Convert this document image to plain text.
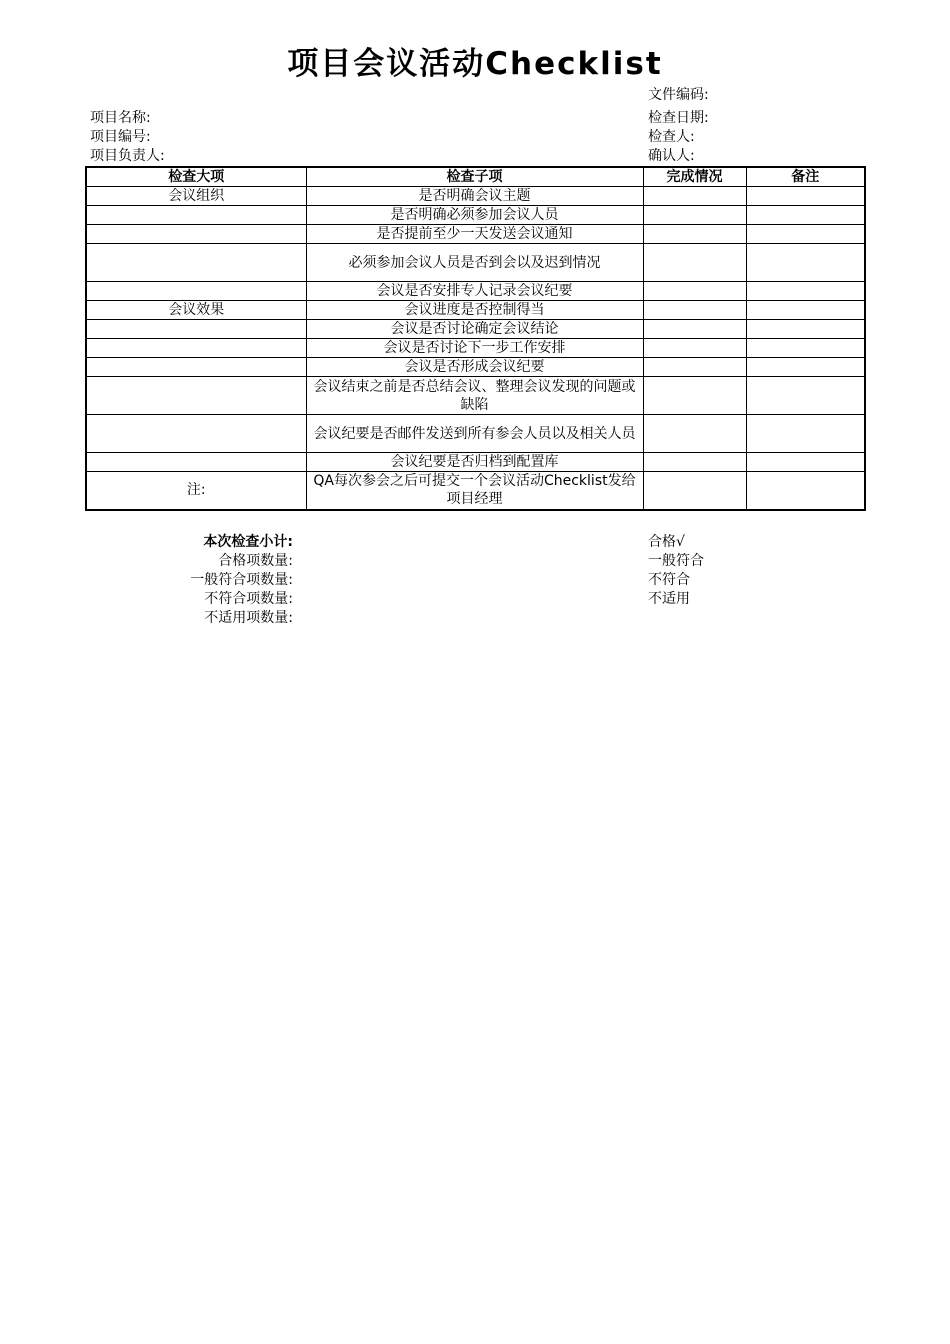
项目会议活动Checklist
文件编码:
项目名称:	检查日期:
项目编号:	检查人:
项目负责人:	确认人:
检查大项	检查子项	完成情况	备注
会议组织	是否明确会议主题		
	是否明确必须参加会议人员		
	是否提前至少一天发送会议通知		
	必须参加会议人员是否到会以及迟到情况		
	会议是否安排专人记录会议纪要		
会议效果	会议进度是否控制得当		
	会议是否讨论确定会议结论		
	会议是否讨论下一步工作安排		
	会议是否形成会议纪要		
	会议结束之前是否总结会议、整理会议发现的问题或缺陷		
	会议纪要是否邮件发送到所有参会人员以及相关人员		
	会议纪要是否归档到配置库		
注:	QA每次参会之后可提交一个会议活动Checklist发给项目经理		
本次检查小计:
合格项数量:
一般符合项数量:
不符合项数量:
不适用项数量:
合格√
一般符合
不符合
不适用
